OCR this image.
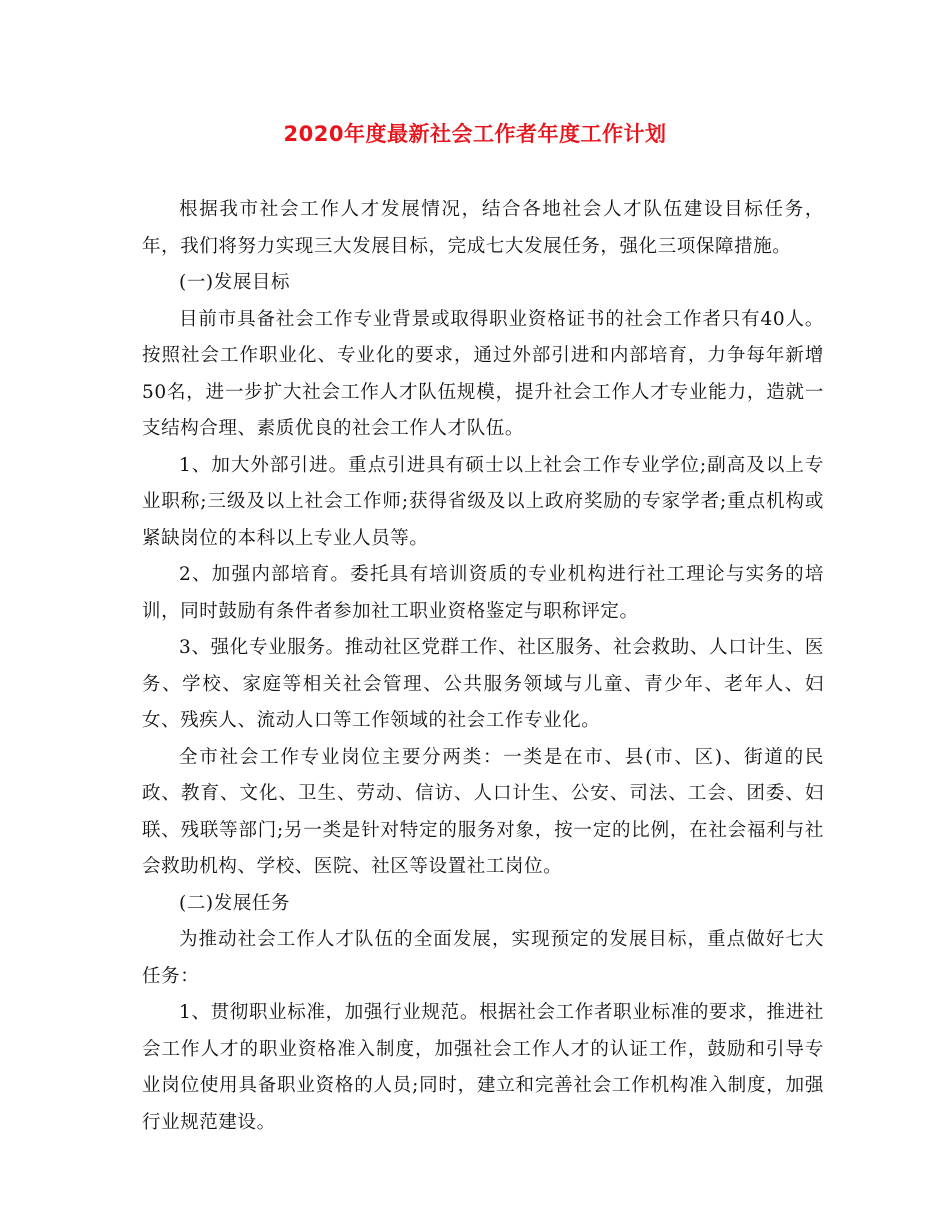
2020年度最新社会工作者年度工作计划

根据我市社会工作人才发展情况，结合各地社会人才队伍建设目标任务，年，我们将努力实现三大发展目标，完成七大发展任务，强化三项保障措施。

(一)发展目标

目前市具备社会工作专业背景或取得职业资格证书的社会工作者只有40人。按照社会工作职业化、专业化的要求，通过外部引进和内部培育，力争每年新增50名，进一步扩大社会工作人才队伍规模，提升社会工作人才专业能力，造就一支结构合理、素质优良的社会工作人才队伍。

1、加大外部引进。重点引进具有硕士以上社会工作专业学位;副高及以上专业职称;三级及以上社会工作师;获得省级及以上政府奖励的专家学者;重点机构或紧缺岗位的本科以上专业人员等。

2、加强内部培育。委托具有培训资质的专业机构进行社工理论与实务的培训，同时鼓励有条件者参加社工职业资格鉴定与职称评定。

3、强化专业服务。推动社区党群工作、社区服务、社会救助、人口计生、医务、学校、家庭等相关社会管理、公共服务领域与儿童、青少年、老年人、妇女、残疾人、流动人口等工作领域的社会工作专业化。

全市社会工作专业岗位主要分两类：一类是在市、县(市、区)、街道的民政、教育、文化、卫生、劳动、信访、人口计生、公安、司法、工会、团委、妇联、残联等部门;另一类是针对特定的服务对象，按一定的比例，在社会福利与社会救助机构、学校、医院、社区等设置社工岗位。

(二)发展任务

为推动社会工作人才队伍的全面发展，实现预定的发展目标，重点做好七大任务：

1、贯彻职业标准，加强行业规范。根据社会工作者职业标准的要求，推进社会工作人才的职业资格准入制度，加强社会工作人才的认证工作，鼓励和引导专业岗位使用具备职业资格的人员;同时，建立和完善社会工作机构准入制度，加强行业规范建设。
